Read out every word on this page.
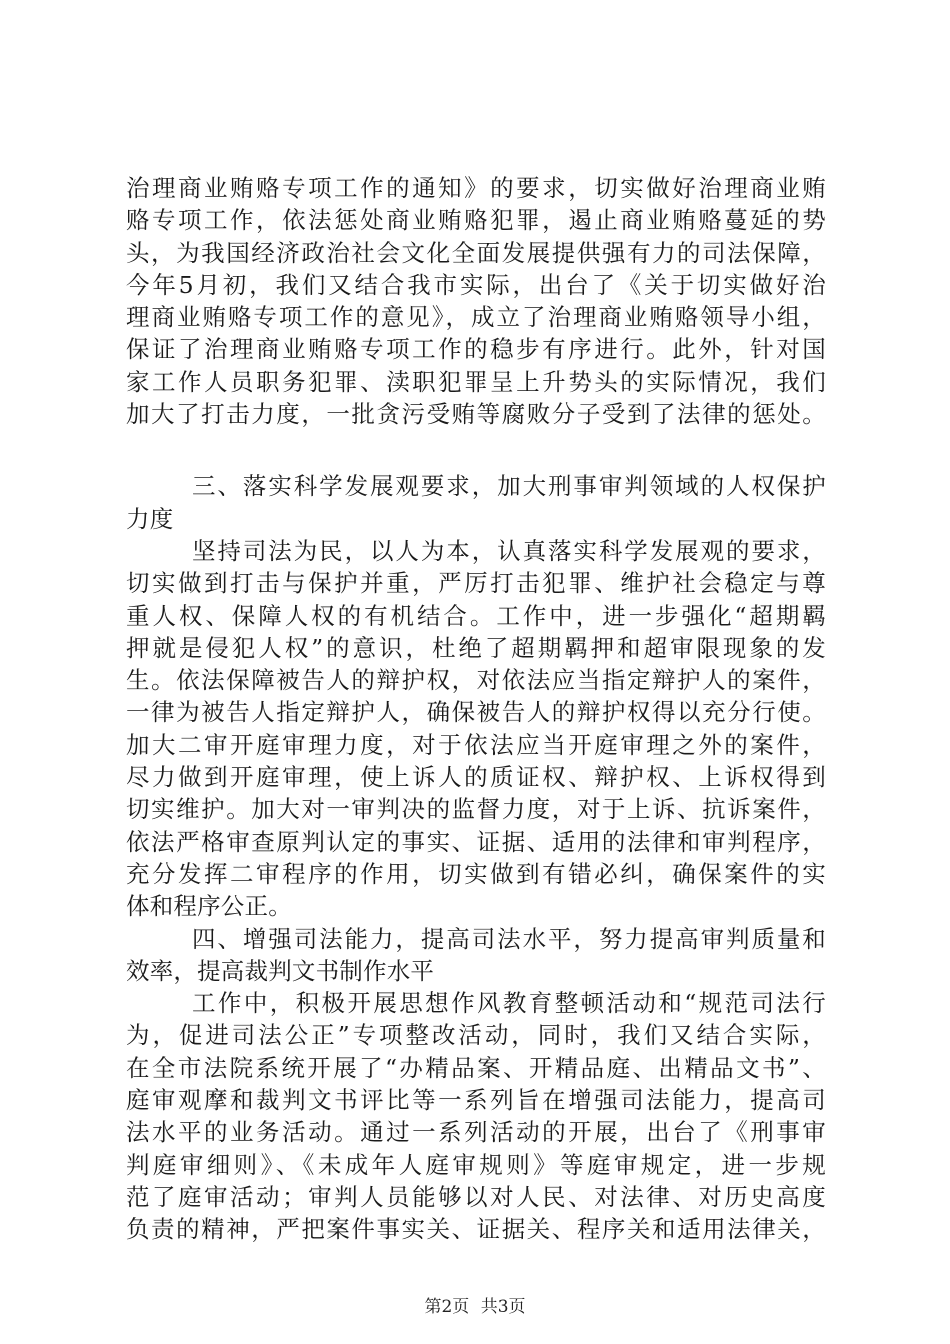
治理商业贿赂专项工作的通知》的要求，切实做好治理商业贿
赂专项工作，依法惩处商业贿赂犯罪，遏止商业贿赂蔓延的势
头，为我国经济政治社会文化全面发展提供强有力的司法保障，
今年5月初，我们又结合我市实际，出台了《关于切实做好治
理商业贿赂专项工作的意见》，成立了治理商业贿赂领导小组，
保证了治理商业贿赂专项工作的稳步有序进行。此外，针对国
家工作人员职务犯罪、渎职犯罪呈上升势头的实际情况，我们
加大了打击力度，一批贪污受贿等腐败分子受到了法律的惩处。
三、落实科学发展观要求，加大刑事审判领域的人权保护
力度
坚持司法为民，以人为本，认真落实科学发展观的要求，
切实做到打击与保护并重，严厉打击犯罪、维护社会稳定与尊
重人权、保障人权的有机结合。工作中，进一步强化“超期羁
押就是侵犯人权”的意识，杜绝了超期羁押和超审限现象的发
生。依法保障被告人的辩护权，对依法应当指定辩护人的案件，
一律为被告人指定辩护人，确保被告人的辩护权得以充分行使。
加大二审开庭审理力度，对于依法应当开庭审理之外的案件，
尽力做到开庭审理，使上诉人的质证权、辩护权、上诉权得到
切实维护。加大对一审判决的监督力度，对于上诉、抗诉案件，
依法严格审查原判认定的事实、证据、适用的法律和审判程序，
充分发挥二审程序的作用，切实做到有错必纠，确保案件的实
体和程序公正。
四、增强司法能力，提高司法水平，努力提高审判质量和
效率，提高裁判文书制作水平
工作中，积极开展思想作风教育整顿活动和“规范司法行
为，促进司法公正”专项整改活动，同时，我们又结合实际，
在全市法院系统开展了“办精品案、开精品庭、出精品文书”、
庭审观摩和裁判文书评比等一系列旨在增强司法能力，提高司
法水平的业务活动。通过一系列活动的开展，出台了《刑事审
判庭审细则》、《未成年人庭审规则》等庭审规定，进一步规
范了庭审活动；审判人员能够以对人民、对法律、对历史高度
负责的精神，严把案件事实关、证据关、程序关和适用法律关，
第2页 共3页
